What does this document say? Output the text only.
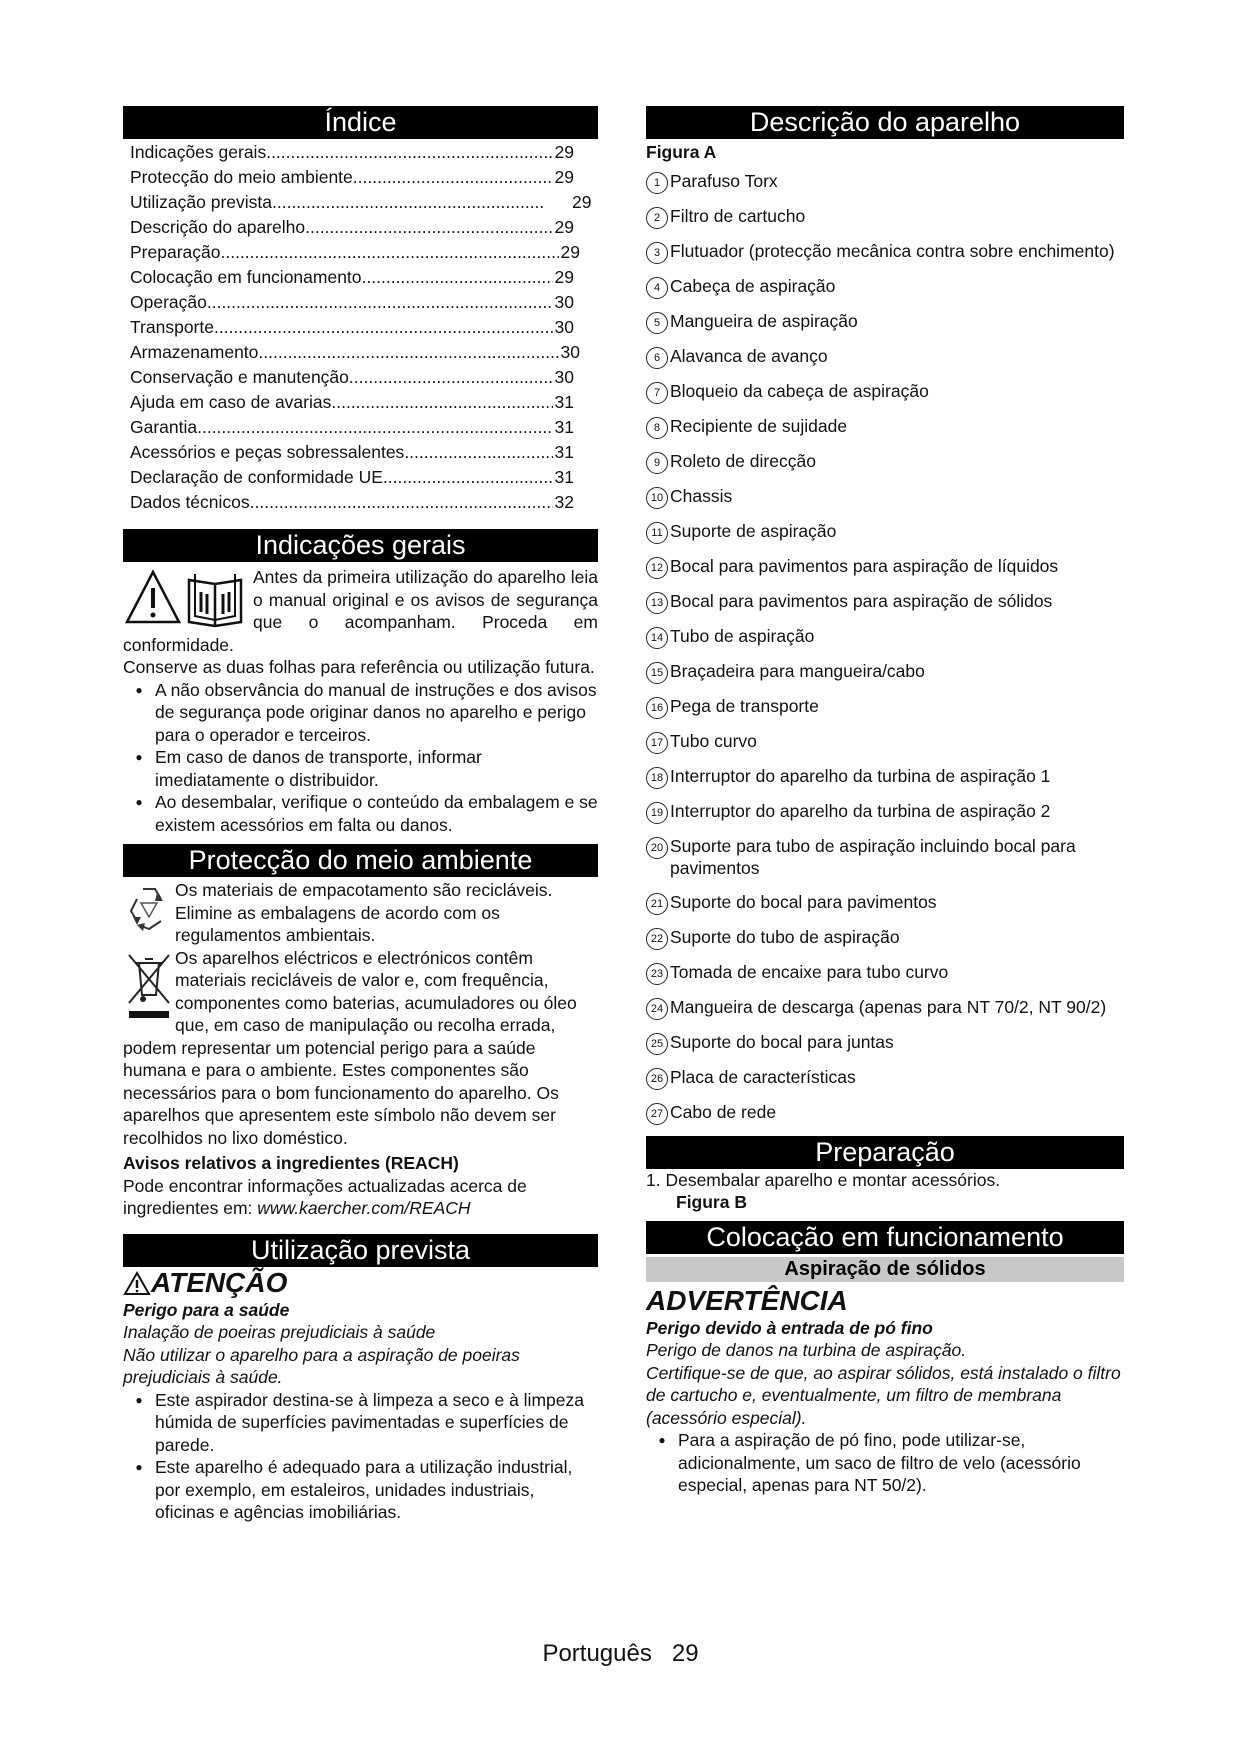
Índice
Indicações gerais .....	29
Protecção do meio ambiente .....	29
Utilização prevista .....	29
Descrição do aparelho .....	29
Preparação .....	29
Colocação em funcionamento .....	29
Operação .....	30
Transporte .....	30
Armazenamento .....	30
Conservação e manutenção .....	30
Ajuda em caso de avarias .....	31
Garantia .....	31
Acessórios e peças sobressalentes .....	31
Declaração de conformidade UE .....	31
Dados técnicos .....	32
Indicações gerais
Antes da primeira utilização do aparelho leia o manual original e os avisos de segurança que o acompanham. Proceda em conformidade.
Conserve as duas folhas para referência ou utilização futura.
● A não observância do manual de instruções e dos avisos de segurança pode originar danos no aparelho e perigo para o operador e terceiros.
● Em caso de danos de transporte, informar imediatamente o distribuidor.
● Ao desembalar, verifique o conteúdo da embalagem e se existem acessórios em falta ou danos.
Protecção do meio ambiente
Os materiais de empacotamento são recicláveis. Elimine as embalagens de acordo com os regulamentos ambientais.
Os aparelhos eléctricos e electrónicos contêm materiais recicláveis de valor e, com frequência, componentes como baterias, acumuladores ou óleo que, em caso de manipulação ou recolha errada, podem representar um potencial perigo para a saúde humana e para o ambiente. Estes componentes são necessários para o bom funcionamento do aparelho. Os aparelhos que apresentem este símbolo não devem ser recolhidos no lixo doméstico.
Avisos relativos a ingredientes (REACH)
Pode encontrar informações actualizadas acerca de ingredientes em: www.kaercher.com/REACH
Utilização prevista
ATENÇÃO
Perigo para a saúde
Inalação de poeiras prejudiciais à saúde
Não utilizar o aparelho para a aspiração de poeiras prejudiciais à saúde.
● Este aspirador destina-se à limpeza a seco e à limpeza húmida de superfícies pavimentadas e superfícies de parede.
● Este aparelho é adequado para a utilização industrial, por exemplo, em estaleiros, unidades industriais, oficinas e agências imobiliárias.
Descrição do aparelho
Figura A
1 Parafuso Torx
2 Filtro de cartucho
3 Flutuador (protecção mecânica contra sobre enchimento)
4 Cabeça de aspiração
5 Mangueira de aspiração
6 Alavanca de avanço
7 Bloqueio da cabeça de aspiração
8 Recipiente de sujidade
9 Roleto de direcção
10 Chassis
11 Suporte de aspiração
12 Bocal para pavimentos para aspiração de líquidos
13 Bocal para pavimentos para aspiração de sólidos
14 Tubo de aspiração
15 Braçadeira para mangueira/cabo
16 Pega de transporte
17 Tubo curvo
18 Interruptor do aparelho da turbina de aspiração 1
19 Interruptor do aparelho da turbina de aspiração 2
20 Suporte para tubo de aspiração incluindo bocal para pavimentos
21 Suporte do bocal para pavimentos
22 Suporte do tubo de aspiração
23 Tomada de encaixe para tubo curvo
24 Mangueira de descarga (apenas para NT 70/2, NT 90/2)
25 Suporte do bocal para juntas
26 Placa de características
27 Cabo de rede
Preparação
1. Desembalar aparelho e montar acessórios.
Figura B
Colocação em funcionamento
Aspiração de sólidos
ADVERTÊNCIA
Perigo devido à entrada de pó fino
Perigo de danos na turbina de aspiração.
Certifique-se de que, ao aspirar sólidos, está instalado o filtro de cartucho e, eventualmente, um filtro de membrana (acessório especial).
● Para a aspiração de pó fino, pode utilizar-se, adicionalmente, um saco de filtro de velo (acessório especial, apenas para NT 50/2).
Português 29
